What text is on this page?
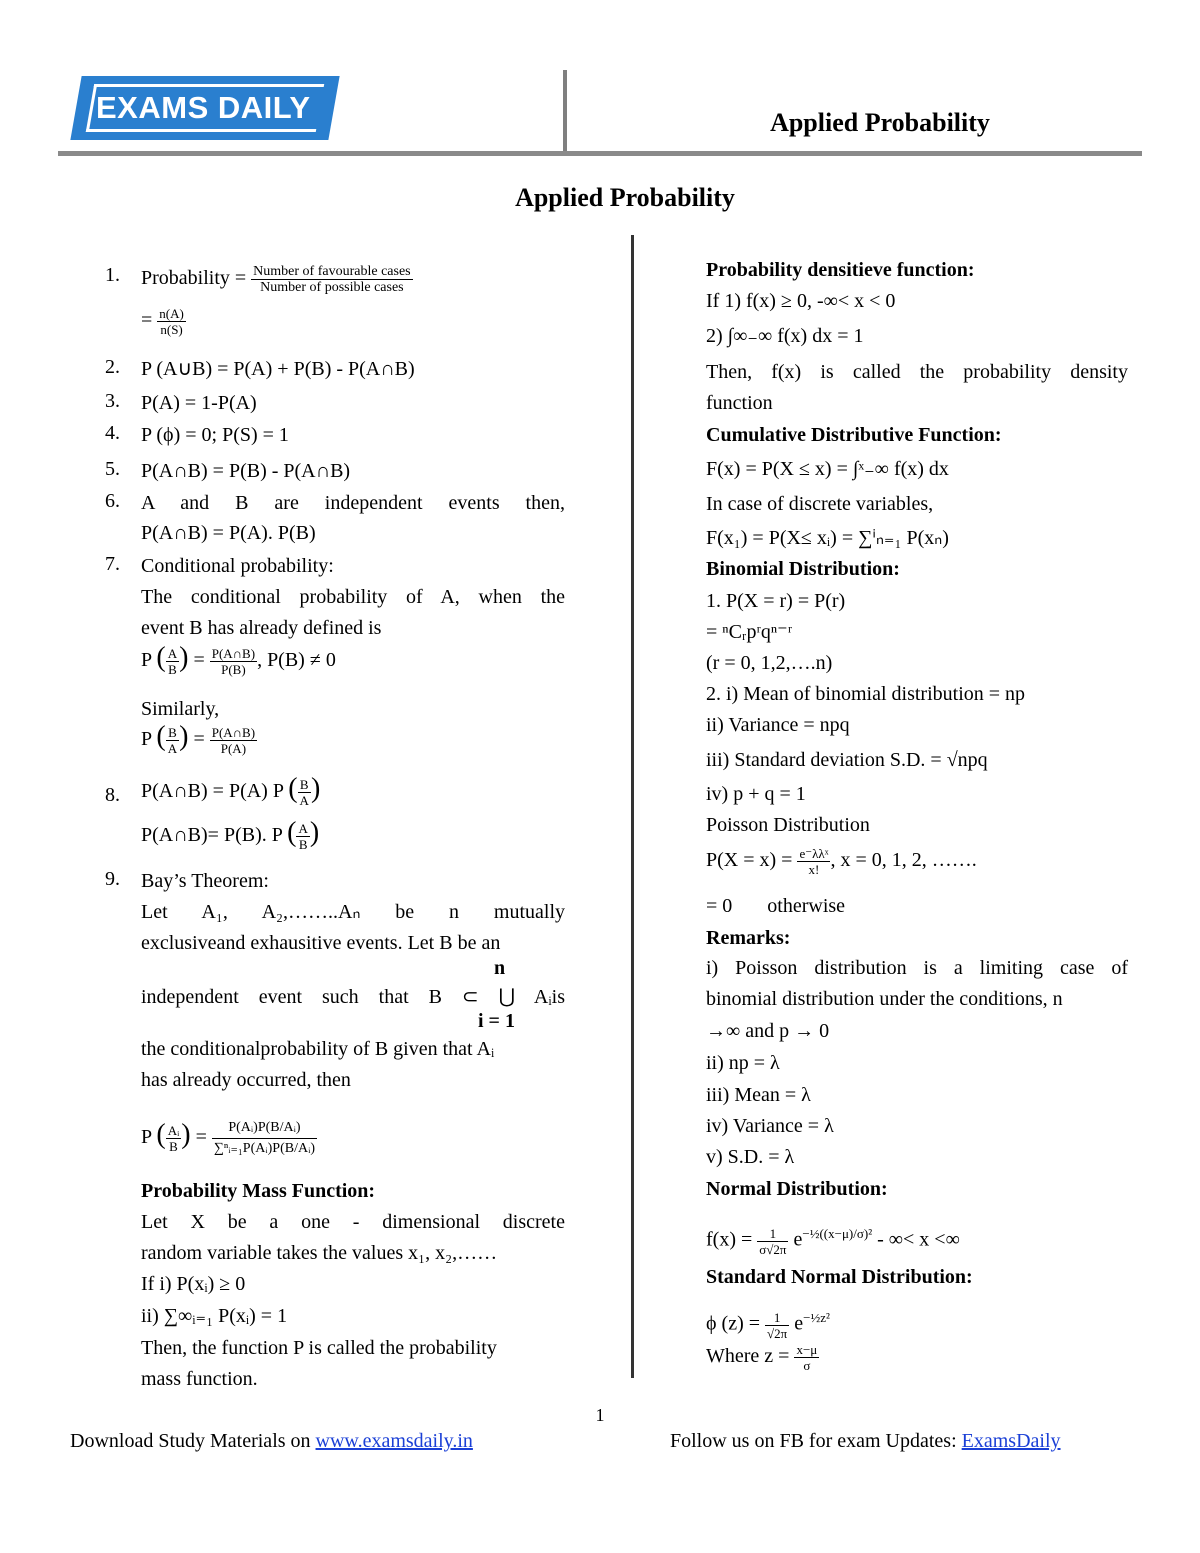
EXAMS DAILY	Applied Probability
Applied Probability
1.
2.
3.
4.
5.
6.
7.
8.
9.
Probability = $\frac{\text{Number of favourable cases}}{\text{Number of possible cases}}$
= $\frac{n(A)}{n(S)}$
P (A∪B) = P(A) + P(B) - P(A∩B)
P(A) = 1-P(A)
P (ϕ) = 0; P(S) = 1
P(A∩B) = P(B) - P(A∩B)
A and B are independent events then,
P(A∩B) = P(A). P(B)
Conditional probability:
The conditional probability of A, when the
event B has already defined is
P ( $\frac{A}{B}$ ) = $\frac{P(A\cap B)}{P(B)}$ , P(B) ≠ 0
Similarly,
P ( $\frac{B}{A}$ ) = $\frac{P(A\cap B)}{P(A)}$
P(A∩B) = P(A) P ( $\frac{B}{A}$ )
P(A∩B)= P(B). P ( $\frac{A}{B}$ )
Bay’s Theorem:
Let A₁, A₂,……..Aₙ be n mutually
exclusiveand exhausitive events. Let B be an
n
independent event such that B ⊂ ⋃ Aᵢis
i = 1
the conditionalprobability of B given that Aᵢ
has already occurred, then
P ( $\frac{\text{Aᵢ}}{B}$ ) = $\frac{\text{P(Aᵢ)P(B/Aᵢ)}}{\text{∑ⁿᵢ₌₁P(Aᵢ)P(B/Aᵢ)}}$
Probability Mass Function:
Let X be a one - dimensional discrete
random variable takes the values x₁, x₂,……
If i) P(xᵢ) ≥ 0
ii) ∑∞ᵢ₌₁ P(xᵢ) = 1
Then, the function P is called the probability
mass function.
Probability densitieve function:
If 1) f(x) ≥ 0, -∞< x < 0
2) ∫∞₋∞ f(x) dx = 1
Then, f(x) is called the probability density
function
Cumulative Distributive Function:
F(x) = P(X ≤ x) = ∫ˣ₋∞ f(x) dx
In case of discrete variables,
F(x₁) = P(X≤ xᵢ) = ∑ⁱₙ₌₁ P(xₙ)
Binomial Distribution:
1. P(X = r) = P(r)
= ⁿCᵣpʳqⁿ⁻ʳ
(r = 0, 1,2,….n)
2. i) Mean of binomial distribution = np
ii) Variance = npq
iii) Standard deviation S.D. = √npq
iv) p + q = 1
Poisson Distribution
$P(X = x) = \frac{\text{e⁻λλˣ}}{x!}$ , x = 0, 1, 2, …….
= 0       otherwise
Remarks:
i) Poisson distribution is a limiting case of
binomial distribution under the conditions, n
→∞ and p → 0
ii) np = λ
iii) Mean = λ
iv) Variance = λ
v) S.D. = λ
Normal Distribution:
$f(x) = \frac{1}{\sigma√2\pi} e^{-\frac{1}{2}((x-\mu)/\sigma)^2}$ - ∞< x <∞
Standard Normal Distribution:
ϕ $(z) = \frac{1}{√2\pi} e^{-\frac{1}{2}z^2}$
Where $z = \frac{x-\mu}{\sigma}$
1
Download Study Materials on www.examsdaily.in	Follow us on FB for exam Updates: ExamsDaily
